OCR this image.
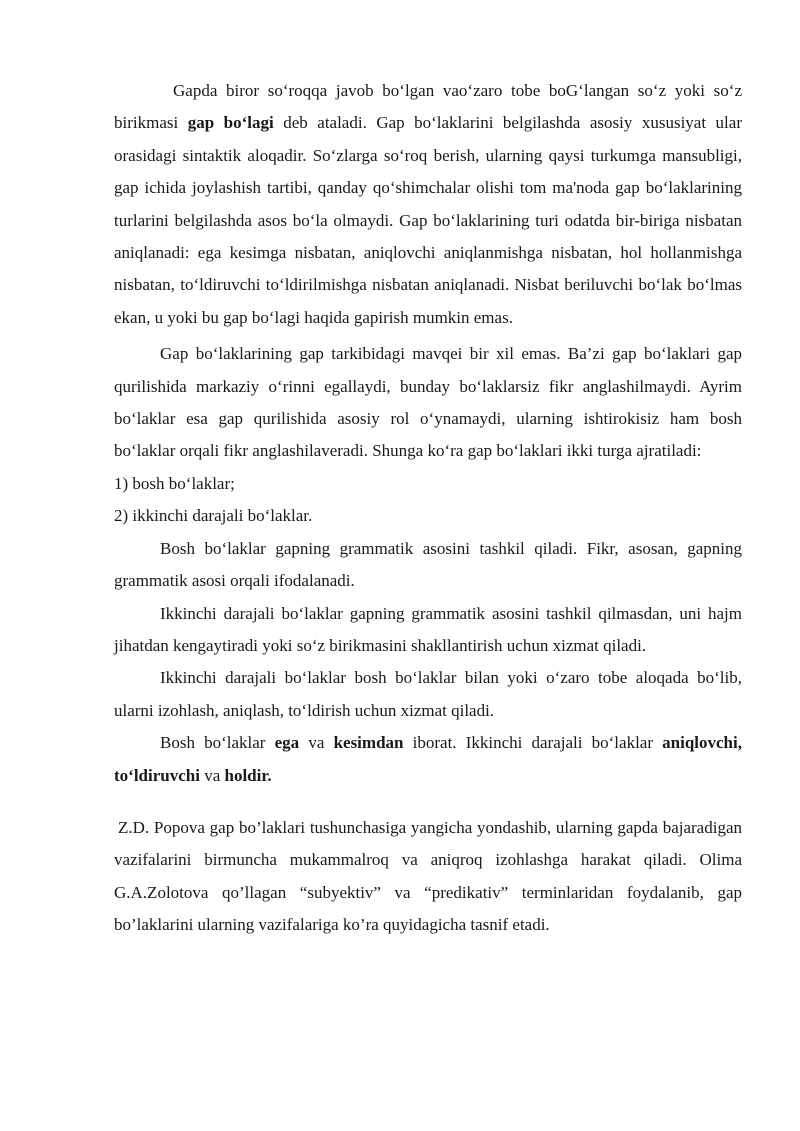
Gapda biror so‘roqqa javob bo‘lgan vao‘zaro tobe boG‘langan so‘z yoki so‘z birikmasi gap bo‘lagi deb ataladi. Gap bo‘laklarini belgilashda asosiy xususiyat ular orasidagi sintaktik aloqadir. So‘zlarga so‘roq berish, ularning qaysi turkumga mansubligi, gap ichida joylashish tartibi, qanday qo‘shimchalar olishi tom ma'noda gap bo‘laklarining turlarini belgilashda asos bo‘la olmaydi. Gap bo‘laklarining turi odatda bir-biriga nisbatan aniqlanadi: ega kesimga nisbatan, aniqlovchi aniqlanmishga nisbatan, hol hollanmishga nisbatan, to‘ldiruvchi to‘ldirilmishga nisbatan aniqlanadi. Nisbat beriluvchi bo‘lak bo‘lmas ekan, u yoki bu gap bo‘lagi haqida gapirish mumkin emas.

Gap bo‘laklarining gap tarkibidagi mavqei bir xil emas. Ba’zi gap bo‘laklari gap qurilishida markaziy o‘rinni egallaydi, bunday bo‘laklarsiz fikr anglashilmaydi. Ayrim bo‘laklar esa gap qurilishida asosiy rol o‘ynamaydi, ularning ishtirokisiz ham bosh bo‘laklar orqali fikr anglashilaveradi. Shunga ko‘ra gap bo‘laklari ikki turga ajratiladi:

1) bosh bo‘laklar;

2) ikkinchi darajali bo‘laklar.

Bosh bo‘laklar gapning grammatik asosini tashkil qiladi. Fikr, asosan, gapning grammatik asosi orqali ifodalanadi.

Ikkinchi darajali bo‘laklar gapning grammatik asosini tashkil qilmasdan, uni hajm jihatdan kengaytiradi yoki so‘z birikmasini shakllantirish uchun xizmat qiladi.

Ikkinchi darajali bo‘laklar bosh bo‘laklar bilan yoki o‘zaro tobe aloqada bo‘lib, ularni izohlash, aniqlash, to‘ldirish uchun xizmat qiladi.

Bosh bo‘laklar ega va kesimdan iborat. Ikkinchi darajali bo‘laklar aniqlovchi, to‘ldiruvchi va holdir.

Z.D. Popova gap bo’laklari tushunchasiga yangicha yondashib, ularning gapda bajaradigan vazifalarini birmuncha mukammalroq va aniqroq izohlashga harakat qiladi. Olima G.A.Zolotova qo’llagan “subyektiv” va “predikativ” terminlaridan foydalanib, gap bo’laklarini ularning vazifalariga ko’ra quyidagicha tasnif etadi.
